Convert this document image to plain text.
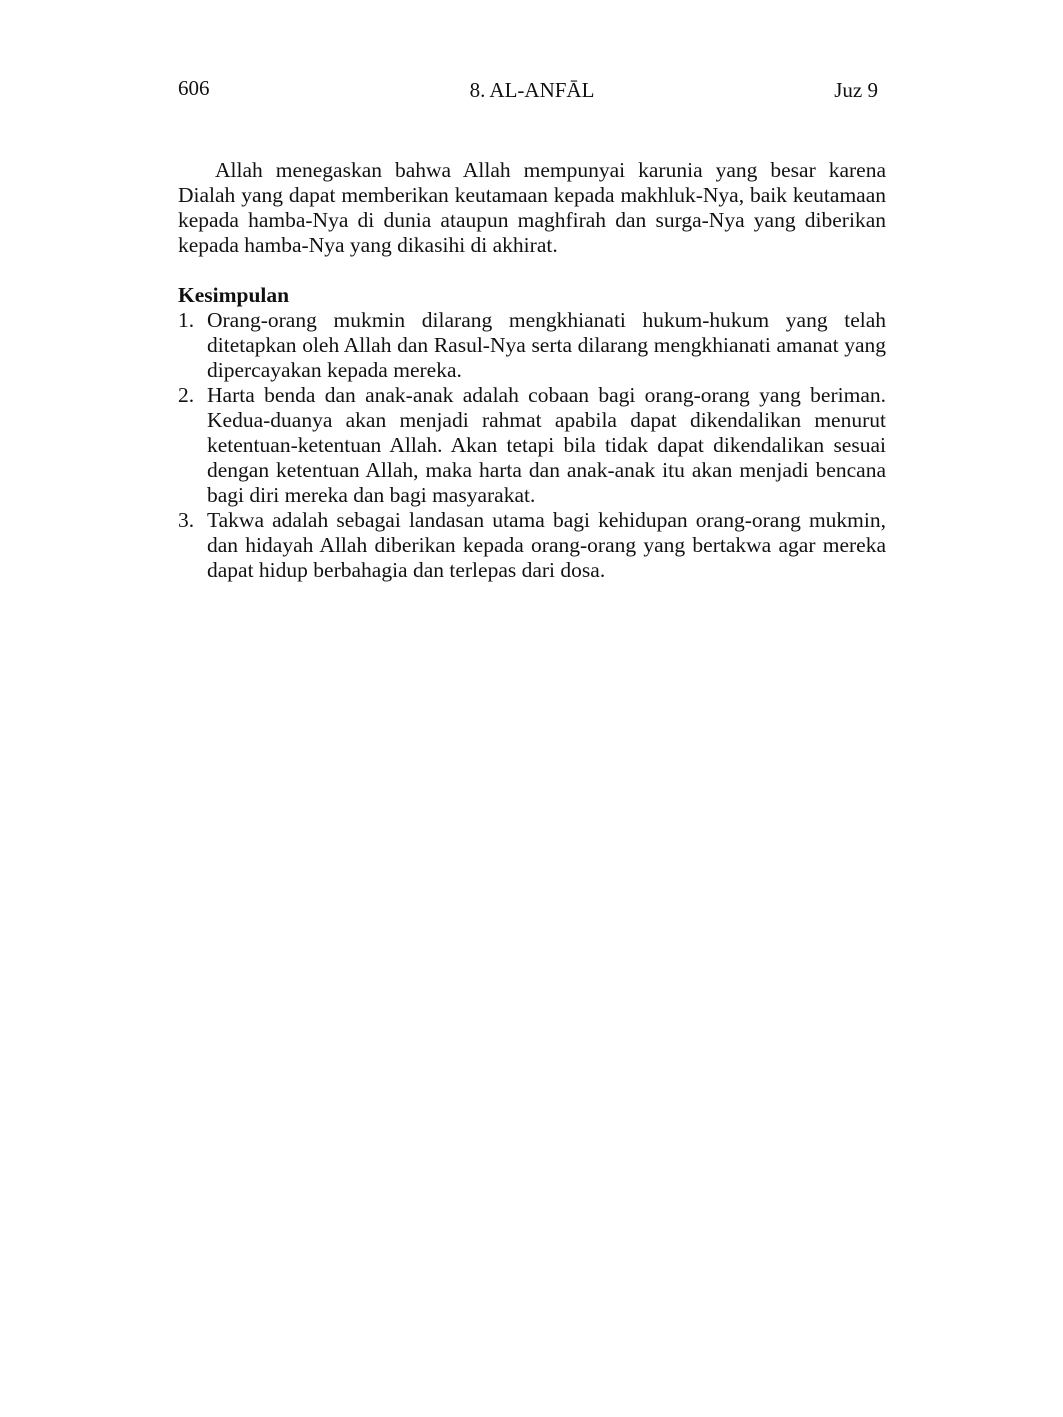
606	8. AL-ANFĀL	Juz 9

Allah menegaskan bahwa Allah mempunyai karunia yang besar karena Dialah yang dapat memberikan keutamaan kepada makhluk-Nya, baik keutamaan kepada hamba-Nya di dunia ataupun maghfirah dan surga-Nya yang diberikan kepada hamba-Nya yang dikasihi di akhirat.

Kesimpulan
1. Orang-orang mukmin dilarang mengkhianati hukum-hukum yang telah ditetapkan oleh Allah dan Rasul-Nya serta dilarang mengkhianati amanat yang dipercayakan kepada mereka.
2. Harta benda dan anak-anak adalah cobaan bagi orang-orang yang beriman. Kedua-duanya akan menjadi rahmat apabila dapat dikendalikan menurut ketentuan-ketentuan Allah. Akan tetapi bila tidak dapat dikendalikan sesuai dengan ketentuan Allah, maka harta dan anak-anak itu akan menjadi bencana bagi diri mereka dan bagi masyarakat.
3. Takwa adalah sebagai landasan utama bagi kehidupan orang-orang mukmin, dan hidayah Allah diberikan kepada orang-orang yang bertakwa agar mereka dapat hidup berbahagia dan terlepas dari dosa.
